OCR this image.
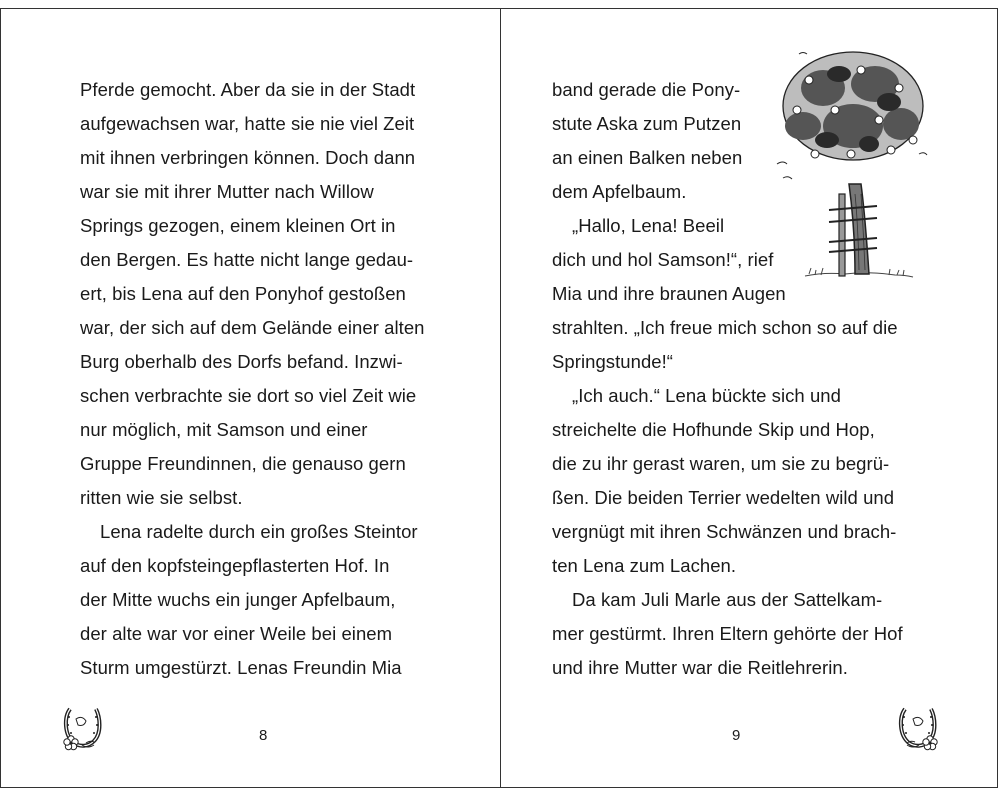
Pferde gemocht. Aber da sie in der Stadt
aufgewachsen war, hatte sie nie viel Zeit
mit ihnen verbringen können. Doch dann
war sie mit ihrer Mutter nach Willow
Springs gezogen, einem kleinen Ort in
den Bergen. Es hatte nicht lange gedau-
ert, bis Lena auf den Ponyhof gestoßen
war, der sich auf dem Gelände einer alten
Burg oberhalb des Dorfs befand. Inzwi-
schen verbrachte sie dort so viel Zeit wie
nur möglich, mit Samson und einer
Gruppe Freundinnen, die genauso gern
ritten wie sie selbst.
Lena radelte durch ein großes Steintor
auf den kopfsteingepflasterten Hof. In
der Mitte wuchs ein junger Apfelbaum,
der alte war vor einer Weile bei einem
Sturm umgestürzt. Lenas Freundin Mia
8
band gerade die Pony-
stute Aska zum Putzen
an einen Balken neben
dem Apfelbaum.
„Hallo, Lena! Beeil
dich und hol Samson!“, rief
Mia und ihre braunen Augen
strahlten. „Ich freue mich schon so auf die
Springstunde!“
„Ich auch.“ Lena bückte sich und
streichelte die Hofhunde Skip und Hop,
die zu ihr gerast waren, um sie zu begrü-
ßen. Die beiden Terrier wedelten wild und
vergnügt mit ihren Schwänzen und brach-
ten Lena zum Lachen.
Da kam Juli Marle aus der Sattelkam-
mer gestürmt. Ihren Eltern gehörte der Hof
und ihre Mutter war die Reitlehrerin.
9
